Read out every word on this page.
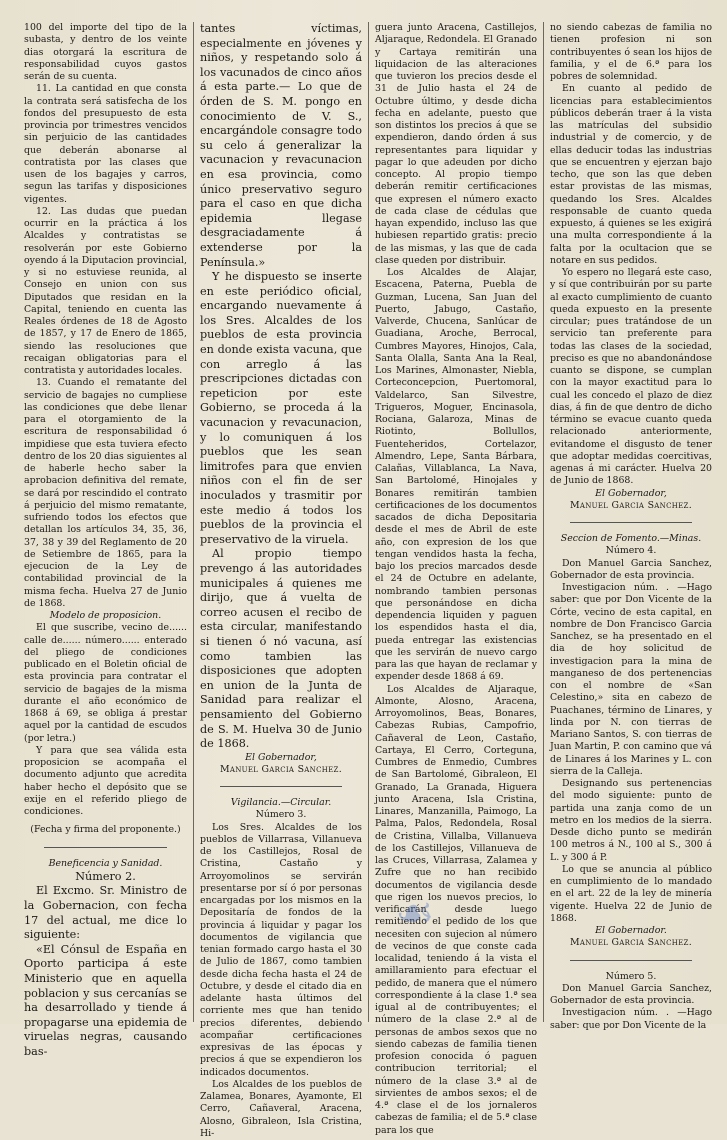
100 del importe del tipo de la subasta, y dentro de los veinte dias otorgará la escritura de responsabilidad cuyos gastos serán de su cuenta.

11. La cantidad en que consta la contrata será satisfecha de los fondos del presupuesto de esta provincia por trimestres vencidos sin perjuicio de las cantidades que deberán abonarse al contratista por las clases que usen de los bagajes y carros, segun las tarifas y disposiciones vigentes.

12. Las dudas que puedan ocurrir en la práctica á los Alcaldes y contratistas se resolverán por este Gobierno oyendo á la Diputacion provincial, y si no estuviese reunida, al Consejo en union con sus Diputados que residan en la Capital, teniendo en cuenta las Reales órdenes de 18 de Agosto de 1857, y 17 de Enero de 1865, siendo las resoluciones que recaigan obligatorias para el contratista y autoridades locales.

13. Cuando el rematante del servicio de bagajes no cumpliese las condiciones que debe llenar para el otorgamiento de la escritura de responsabilidad ó impidiese que esta tuviera efecto dentro de los 20 dias siguientes al de haberle hecho saber la aprobacion definitiva del remate, se dará por rescindido el contrato á perjuicio del mismo rematante, sufriendo todos los efectos que detallan los artículos 34, 35, 36, 37, 38 y 39 del Reglamento de 20 de Setiembre de 1865, para la ejecucion de la Ley de contabilidad provincial de la misma fecha. Huelva 27 de Junio de 1868.

Modelo de proposicion.

El que suscribe, vecino de...... calle de...... número...... enterado del pliego de condiciones publicado en el Boletin oficial de esta provincia para contratar el servicio de bagajes de la misma durante el año económico de 1868 á 69, se obliga á prestar aquel por la cantidad de escudos (por letra.)

Y para que sea válida esta proposicion se acompaña el documento adjunto que acredita haber hecho el depósito que se exije en el referido pliego de condiciones.

(Fecha y firma del proponente.)

Beneficencia y Sanidad.

Número 2.

El Excmo. Sr. Ministro de la Gobernacion, con fecha 17 del actual, me dice lo siguiente:

«El Cónsul de España en Oporto participa á este Ministerio que en aquella poblacion y sus cercanías se ha desarrollado y tiende á propagarse una epidemia de viruelas negras, causando bas-

tantes víctimas, especialmente en jóvenes y niños, y respetando solo á los vacunados de cinco años á esta parte.— Lo que de órden de S. M. pongo en conocimiento de V. S., encargándole consagre todo su celo á generalizar la vacunacion y revacunacion en esa provincia, como único preservativo seguro para el caso en que dicha epidemia llegase desgraciadamente á extenderse por la Península.»

Y he dispuesto se inserte en este periódico oficial, encargando nuevamente á los Sres. Alcaldes de los pueblos de esta provincia en donde exista vacuna, que con arreglo á las prescripciones dictadas con repeticion por este Gobierno, se proceda á la vacunacion y revacunacion, y lo comuniquen á los pueblos que les sean limitrofes para que envien niños con el fin de ser inoculados y trasmitir por este medio á todos los pueblos de la provincia el preservativo de la viruela.

Al propio tiempo prevengo á las autoridades municipales á quienes me dirijo, que á vuelta de correo acusen el recibo de esta circular, manifestando si tienen ó nó vacuna, así como tambien las disposiciones que adopten en union de la Junta de Sanidad para realizar el pensamiento del Gobierno de S. M. Huelva 30 de Junio de 1868.

El Gobernador,

Manuel Garcia Sanchez.

Vigilancia.—Circular.

Número 3.

Los Sres. Alcaldes de los pueblos de Villarrasa, Villanueva de los Castillejos, Rosal de Cristina, Castaño y Arroyomolinos se servirán presentarse por sí ó por personas encargadas por los mismos en la Depositaría de fondos de la provincia á liquidar y pagar los documentos de vigilancia que tenian formado cargo hasta el 30 de Julio de 1867, como tambien desde dicha fecha hasta el 24 de Octubre, y desde el citado dia en adelante hasta últimos del corriente mes que han tenido precios diferentes, debiendo acompañar certificaciones expresivas de las épocas y precios á que se expendieron los indicados documentos.

Los Alcaldes de los pueblos de Zalamea, Bonares, Ayamonte, El Cerro, Cañaveral, Aracena, Alosno, Gibraleon, Isla Cristina, Hi-

guera junto Aracena, Castillejos, Aljaraque, Redondela. El Granado y Cartaya remitirán una liquidacion de las alteraciones que tuvieron los precios desde el 31 de Julio hasta el 24 de Octubre último, y desde dicha fecha en adelante, puesto que son distintos los precios á que se expendieron, dando órden á sus representantes para liquidar y pagar lo que adeuden por dicho concepto. Al propio tiempo deberán remitir certificaciones que expresen el número exacto de cada clase de cédulas que hayan expendido, incluso las que hubiesen repartido gratis: precio de las mismas, y las que de cada clase queden por distribuir.

Los Alcaldes de Alajar, Escacena, Paterna, Puebla de Guzman, Lucena, San Juan del Puerto, Jabugo, Castaño, Valverde, Chucena, Sanlúcar de Guadiana, Aroche, Berrocal, Cumbres Mayores, Hinojos, Cala, Santa Olalla, Santa Ana la Real, Los Marines, Almonaster, Niebla, Corteconcepcion, Puertomoral, Valdelarco, San Silvestre, Trigueros, Moguer, Encinasola, Rociana, Galaroza, Minas de Riotinto, Bollullos, Fuenteheridos, Cortelazor, Almendro, Lepe, Santa Bárbara, Calañas, Villablanca, La Nava, San Bartolomé, Hinojales y Bonares remitirán tambien certificaciones de los documentos sacados de dicha Depositaria desde el mes de Abril de este año, con expresion de los que tengan vendidos hasta la fecha, bajo los precios marcados desde el 24 de Octubre en adelante, nombrando tambien personas que personándose en dicha dependencia liquiden y paguen los espendidos hasta el dia, pueda entregar las existencias que les servirán de nuevo cargo para las que hayan de reclamar y expender desde 1868 á 69.

Los Alcaldes de Aljaraque, Almonte, Alosno, Aracena, Arroyomolinos, Beas, Bonares, Cabezas Rubias, Campofrio, Cañaveral de Leon, Castaño, Cartaya, El Cerro, Corteguna, Cumbres de Enmedio, Cumbres de San Bartolomé, Gibraleon, El Granado, La Granada, Higuera junto Aracena, Isla Cristina, Linares, Manzanilla, Paimogo, La Palma, Palos, Redondela, Rosal de Cristina, Villalba, Villanueva de los Castillejos, Villanueva de las Cruces, Villarrasa, Zalamea y Zufre que no han recibido documentos de vigilancia desde que rigen los nuevos precios, lo verificarán desde luego remitiendo el pedido de los que necesiten con sujecion al número de vecinos de que conste cada localidad, teniendo á la vista el amillaramiento para efectuar el pedido, de manera que el número correspondiente á la clase 1.ª sea igual al de contribuyentes; el número de la clase 2.ª al de personas de ambos sexos que no siendo cabezas de familia tienen profesion conocida ó paguen contribucion territorial; el número de la clase 3.ª al de sirvientes de ambos sexos; el de 4.ª clase el de los jornaleros cabezas de familia; el de 5.ª clase para los que

no siendo cabezas de familia no tienen profesion ni son contribuyentes ó sean los hijos de familia, y el de 6.ª para los pobres de solemnidad.

En cuanto al pedido de licencias para establecimientos públicos deberán traer á la vista las matrículas del subsidio industrial y de comercio, y de ellas deducir todas las industrias que se encuentren y ejerzan bajo techo, que son las que deben estar provistas de las mismas, quedando los Sres. Alcaldes responsable de cuanto queda expuesto, á quienes se les exigirá una multa correspondiente á la falta por la ocultacion que se notare en sus pedidos.

Yo espero no llegará este caso, y sí que contribuirán por su parte al exacto cumplimiento de cuanto queda expuesto en la presente circular; pues tratándose de un servicio tan preferente para todas las clases de la sociedad, preciso es que no abandonándose cuanto se dispone, se cumplan con la mayor exactitud para lo cual les concedo el plazo de diez dias, á fin de que dentro de dicho término se evacue cuanto queda relacionado anteriormente, evitandome el disgusto de tener que adoptar medidas coercitivas, agenas á mi carácter. Huelva 20 de Junio de 1868.

El Gobernador,

Manuel Garcia Sanchez.

Seccion de Fomento.—Minas.

Número 4.

Don Manuel Garcia Sanchez, Gobernador de esta provincia.

Investigacion núm. . —Hago saber: que por Don Vicente de la Córte, vecino de esta capital, en nombre de Don Francisco Garcia Sanchez, se ha presentado en el dia de hoy solicitud de investigacion para la mina de manganeso de dos pertenencias con el nombre de «San Celestino,» sita en cabezo de Puachanes, término de Linares, y linda por N. con tierras de Mariano Santos, S. con tierras de Juan Martin, P. con camino que vá de Linares á los Marines y L. con sierra de la Calleja.

Designando sus pertenencias del modo siguiente: punto de partida una zanja como de un metro en los medios de la sierra. Desde dicho punto se medirán 100 metros á N., 100 al S., 300 á L. y 300 á P.

Lo que se anuncia al público en cumplimiento de lo mandado en el art. 22 de la ley de minería vigente. Huelva 22 de Junio de 1868.

El Gobernador.

Manuel Garcia Sanchez.

Número 5.

Don Manuel Garcia Sanchez, Gobernador de esta provincia.

Investigacion núm. . —Hago saber: que por Don Vicente de la

☙
